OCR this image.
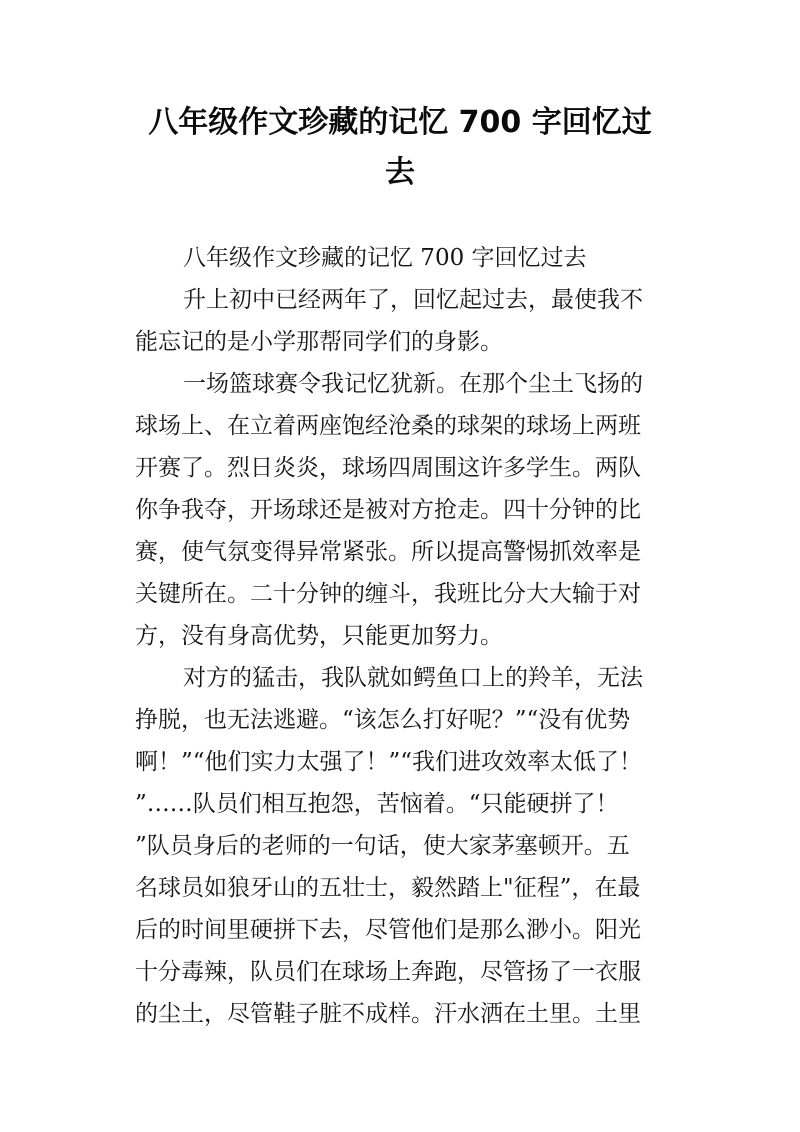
八年级作文珍藏的记忆 700 字回忆过
去
八年级作文珍藏的记忆 700 字回忆过去
升上初中已经两年了，回忆起过去，最使我不
能忘记的是小学那帮同学们的身影。
一场篮球赛令我记忆犹新。在那个尘土飞扬的
球场上、在立着两座饱经沧桑的球架的球场上两班
开赛了。烈日炎炎，球场四周围这许多学生。两队
你争我夺，开场球还是被对方抢走。四十分钟的比
赛，使气氛变得异常紧张。所以提高警惕抓效率是
关键所在。二十分钟的缠斗，我班比分大大输于对
方，没有身高优势，只能更加努力。
对方的猛击，我队就如鳄鱼口上的羚羊，无法
挣脱，也无法逃避。“该怎么打好呢？”“没有优势
啊！”“他们实力太强了！”“我们进攻效率太低了！
”……队员们相互抱怨，苦恼着。“只能硬拼了！
”队员身后的老师的一句话，使大家茅塞顿开。五
名球员如狼牙山的五壮士，毅然踏上"征程”，在最
后的时间里硬拼下去，尽管他们是那么渺小。阳光
十分毒辣，队员们在球场上奔跑，尽管扬了一衣服
的尘土，尽管鞋子脏不成样。汗水洒在土里。土里
